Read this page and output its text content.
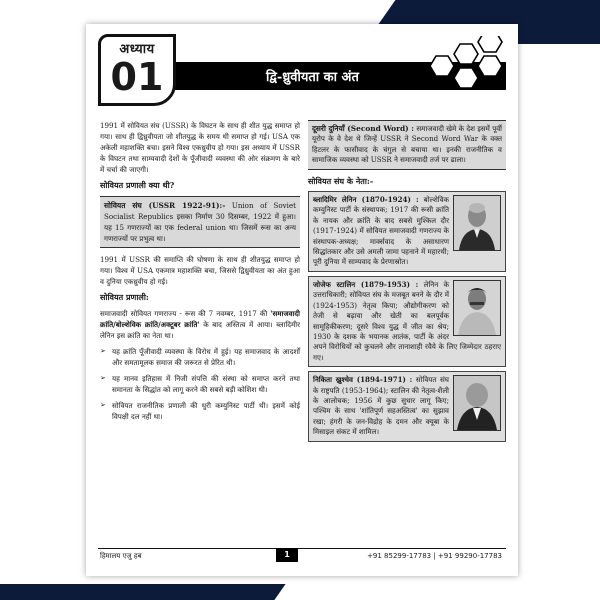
अध्याय
01	द्वि-ध्रुवीयता का अंत

1991 में सोवियत संघ (USSR) के विघटन के साथ ही शीत युद्ध समाप्त हो गया। साथ ही द्विध्रुवीयता जो शीतयुद्ध के समय थी समाप्त हो गई। USA एक अकेली महाशक्ति बचा। इसने विश्व एकध्रुवीय हो गया। इस अध्याय में USSR के विघटन तथा साम्यवादी देशों के पूँजीवादी व्यवस्था की ओर संक्रमण के बारे में चर्चा की जाएगी।

सोवियत प्रणाली क्या थी?
सोवियत संघ (USSR 1922-91):- Union of Soviet Socialist Republics इसका निर्माण 30 दिसम्बर, 1922 में हुआ। यह 15 गणराज्यों का एक federal union था। जिसमें रूस का अन्य गणराज्यों पर प्रभुत्व था।

1991 में USSR की समाप्ति की घोषणा के साथ ही शीतयुद्ध समाप्त हो गया। विश्व में USA एकमात्र महाशक्ति बचा, जिससे द्विध्रुवीयता का अंत हुआ व दुनिया एकध्रुवीय हो गई।

सोवियत प्रणाली:

समाजवादी सोवियत गणराज्य - रूस की 7 नवम्बर, 1917 की 'समाजवादी क्रांति/बोल्शेविक क्रांति/अक्टूबर क्रांति' के बाद अस्तित्व में आया। ब्लादिमीर लेनिन इस क्रांति का नेता था।

➢ यह क्रांति पूँजीवादी व्यवस्था के विरोध में हुई। यह समाजवाद के आदर्शों और समतामूलक समाज की जरूरत से प्रेरित थी।
➢ यह मानव इतिहास में निजी संपत्ति की संस्था को समाप्त करने तथा समानता के सिद्धांत को लागू करने की सबसे बड़ी कोशिश थी।
➢ सोवियत राजनीतिक प्रणाली की धुरी कम्युनिस्ट पार्टी थी। इसमें कोई विपक्षी दल नहीं था।
दूसरी दुनियाँ (Second Word) : समाजवादी खेमे के देश इसमें पूर्वी यूरोप के वे देश थे जिन्हें USSR ने Second Word War के वक्त हिटलर के फासीवाद के चंगुल से बचाया था। इनकी राजनीतिक व सामाजिक व्यवस्था को USSR ने समाजवादी तर्ज पर ढाला।
सोवियत संघ के नेता:-
ब्लादिमिर लेनिन (1870-1924) : बोल्शेविक कम्युनिस्ट पार्टी के संस्थापक; 1917 की रूसी क्रांति के नायक और क्रांति के बाद सबसे मुश्किल दौर (1917-1924) में सोवियत समाजवादी गणराज्य के संस्थापक-अध्यक्ष; मार्क्सवाद के असाधारण सिद्धांतकार और उसे अमली जामा पहनाने में महारथी; पूरी दुनिया में साम्यवाद के प्रेरणास्रोत।
जोजेफ स्टालिन (1879-1953) : लेनिन के उत्तराधिकारी; सोवियत संघ के मजबूत बनने के दौर में (1924-1953) नेतृत्व किया; औद्योगीकरण को तेजी से बढ़ावा और खेती का बलपूर्वक सामूहिकीकरण; दूसरे विश्व युद्ध में जीत का श्रेय; 1930 के दशक के भयानक आतंक, पार्टी के अंदर अपने विरोधियों को कुचलने और तानाशाही रवैये के लिए जिम्मेदार ठहराए गए।
निकिता ख्रुश्चेव (1894-1971) : सोवियत संघ के राष्ट्रपति (1953-1964); स्टालिन की नेतृत्व-शैली के आलोचक; 1956 में कुछ सुधार लागू किए; पश्चिम के साथ 'शांतिपूर्ण सहअस्तित्व' का सुझाव रखा; हंगरी के जन-विद्रोह के दमन और क्यूबा के मिसाइल संकट में शामिल।
हिमालय एजु हब	1	+91 85299-17783 | +91 99290-17783
